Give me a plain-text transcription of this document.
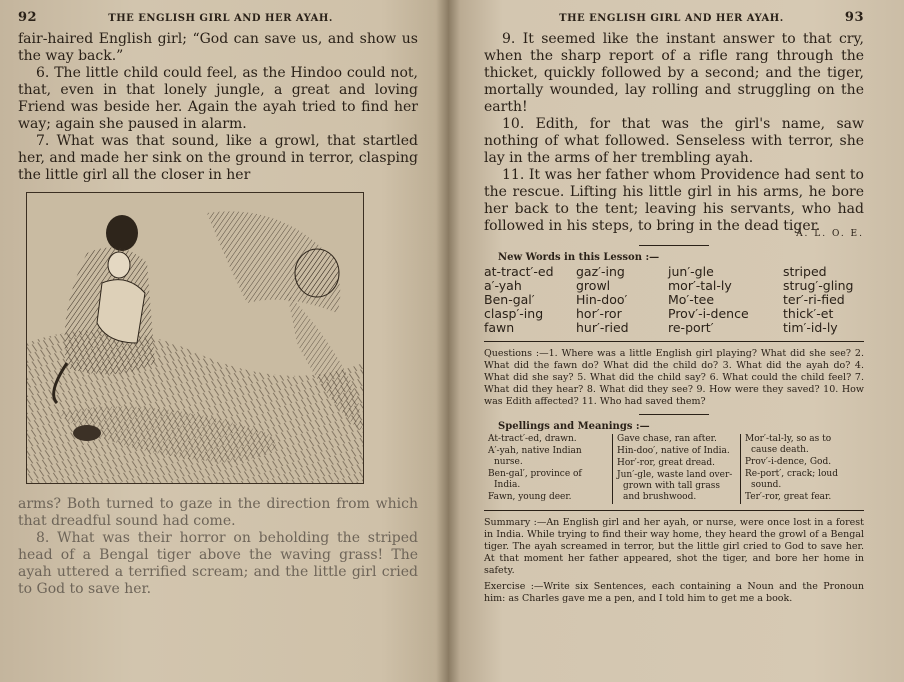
92	THE ENGLISH GIRL AND HER AYAH.

fair-haired English girl; “God can save us, and show us the way back.”

6. The little child could feel, as the Hindoo could not, that, even in that lonely jungle, a great and loving Friend was beside her. Again the ayah tried to find her way; again she paused in alarm.

7. What was that sound, like a growl, that startled her, and made her sink on the ground in terror, clasping the little girl all the closer in her

arms? Both turned to gaze in the direction from which that dreadful sound had come.

8. What was their horror on beholding the striped head of a Bengal tiger above the waving grass! The ayah uttered a terrified scream; and the little girl cried to God to save her.

THE ENGLISH GIRL AND HER AYAH.	93

9. It seemed like the instant answer to that cry, when the sharp report of a rifle rang through the thicket, quickly followed by a second; and the tiger, mortally wounded, lay rolling and struggling on the earth!

10. Edith, for that was the girl's name, saw nothing of what followed. Senseless with terror, she lay in the arms of her trembling ayah.

11. It was her father whom Providence had sent to the rescue. Lifting his little girl in his arms, he bore her back to the tent; leaving his servants, who had followed in his steps, to bring in the dead tiger.

A. L. O. E.
New Words in this Lesson :—
at-tract′-ed
a′-yah
Ben-gal′
clasp′-ing
fawn
gaz′-ing
growl
Hin-doo′
hor′-ror
hur′-ried
jun′-gle
mor′-tal-ly
Mo′-tee
Prov′-i-dence
re-port′
striped
strug′-gling
ter′-ri-fied
thick′-et
tim′-id-ly

Questions :—1. Where was a little English girl playing? What did she see? 2. What did the fawn do? What did the child do? 3. What did the ayah do? 4. What did she say? 5. What did the child say? 6. What could the child feel? 7. What did they hear? 8. What did they see? 9. How were they saved? 10. How was Edith affected? 11. Who had saved them?

Spellings and Meanings :—
At-tract′-ed, drawn.
A′-yah, native Indian nurse.
Ben-gal′, province of India.
Fawn, young deer.
Gave chase, ran after.
Hin-doo′, native of India.
Hor′-ror, great dread.
Jun′-gle, waste land over-grown with tall grass and brushwood.
Mor′-tal-ly, so as to cause death.
Prov′-i-dence, God.
Re-port′, crack; loud sound.
Ter′-ror, great fear.

Summary :—An English girl and her ayah, or nurse, were once lost in a forest in India. While trying to find their way home, they heard the growl of a Bengal tiger. The ayah screamed in terror, but the little girl cried to God to save her. At that moment her father appeared, shot the tiger, and bore her home in safety.

Exercise :—Write six Sentences, each containing a Noun and the Pronoun him: as Charles gave me a pen, and I told him to get me a book.
